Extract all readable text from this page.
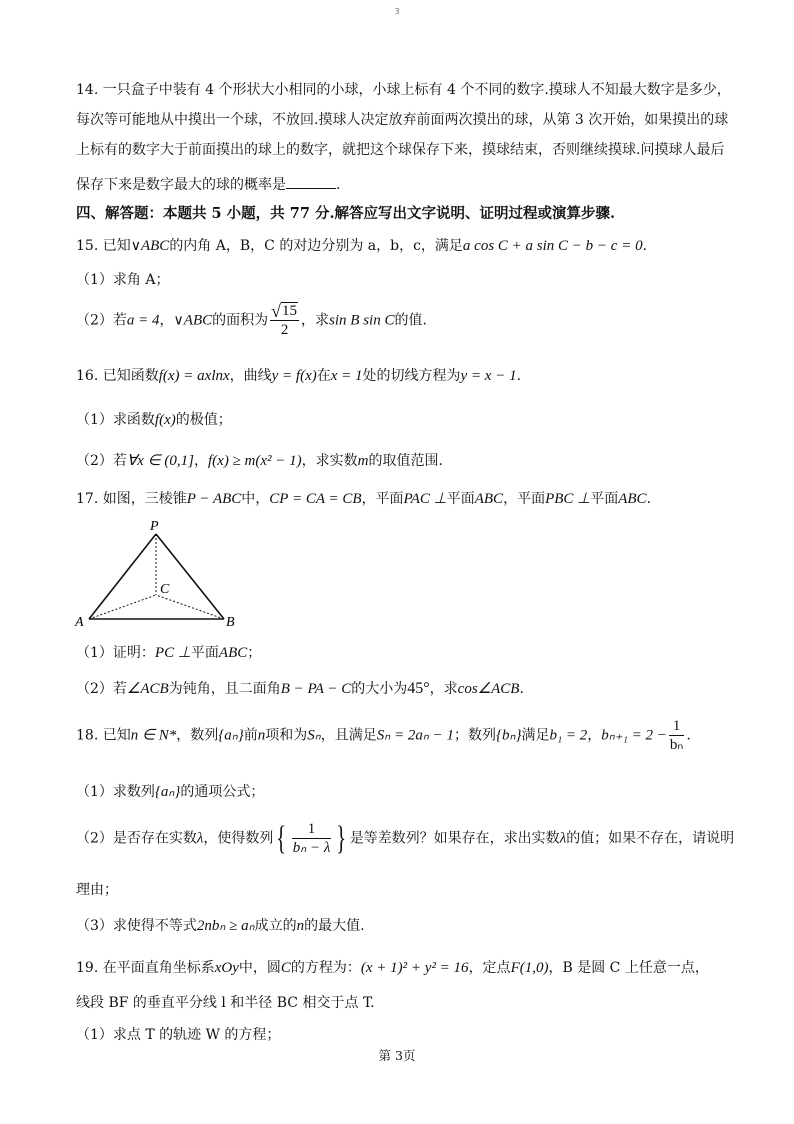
3
14. 一只盒子中装有 4 个形状大小相同的小球，小球上标有 4 个不同的数字.摸球人不知最大数字是多少，
每次等可能地从中摸出一个球，不放回.摸球人决定放弃前面两次摸出的球，从第 3 次开始，如果摸出的球
上标有的数字大于前面摸出的球上的数字，就把这个球保存下来，摸球结束，否则继续摸球.问摸球人最后
保存下来是数字最大的球的概率是	.
四、解答题：本题共 5 小题，共 77 分.解答应写出文字说明、证明过程或演算步骤.
15. 已知∨ABC的内角 A，B，C 的对边分别为 a，b，c，满足a cos C + a sin C − b − c = 0.
（1）求角 A；
（2）若a = 4，∨ABC的面积为 $\frac{√ 15}{2}$ ，求sin B sin C的值.
16. 已知函数f(x) = axlnx，曲线y = f(x)在x = 1处的切线方程为y = x − 1.
（1）求函数f(x)的极值；
（2）若∀x ∈ (0,1]，f(x) ≥ m(x² − 1)，求实数m的取值范围.
17. 如图，三棱锥P − ABC中，CP = CA = CB，平面PAC ⊥平面ABC，平面PBC ⊥平面ABC.
P
C
A	B
（1）证明：PC ⊥平面ABC；
（2）若∠ACB为钝角，且二面角B − PA − C的大小为45°，求cos∠ACB.
18. 已知n ∈ N*，数列{aₙ}前n项和为Sₙ，且满足Sₙ = 2aₙ − 1；数列{bₙ}满足b₁ = 2，$b_{n+1} = 2 - \frac{1}{\text{bₙ}}$ .
（1）求数列{aₙ}的通项公式；
（2）是否存在实数λ，使得数列 { $\frac{1}{\text{bₙ − λ}}$ } 是等差数列？如果存在，求出实数λ的值；如果不存在，请说明
理由；
（3）求使得不等式2nbₙ ≥ aₙ成立的n的最大值.
19. 在平面直角坐标系xOy中，圆C的方程为：(x + 1)² + y² = 16，定点F(1,0)，B 是圆 C 上任意一点，
线段 BF 的垂直平分线 l 和半径 BC 相交于点 T.
（1）求点 T 的轨迹 W 的方程；
第 3页
